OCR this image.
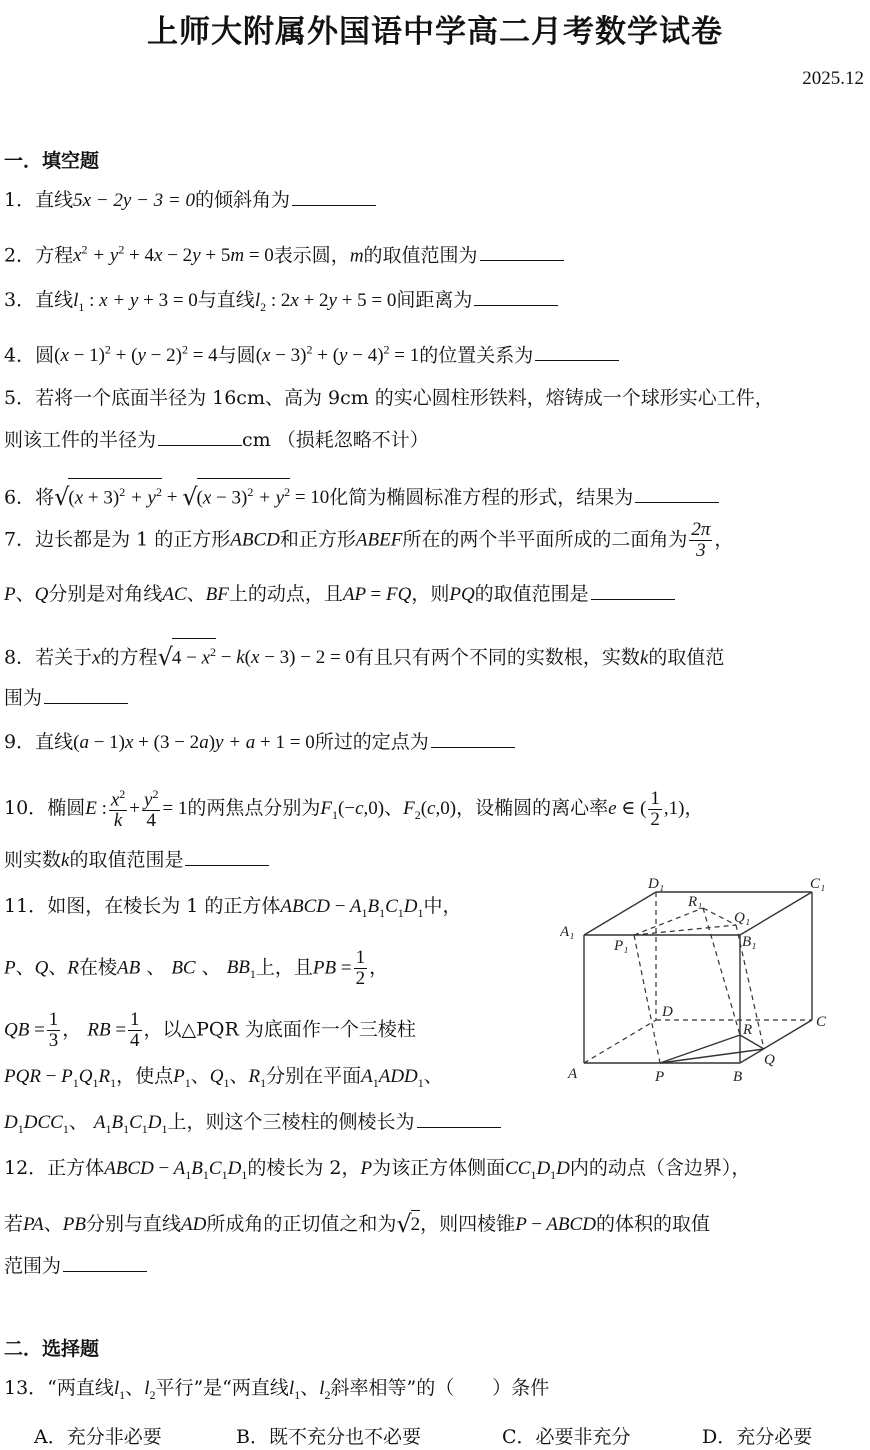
上师大附属外国语中学高二月考数学试卷
2025.12
一．填空题
1．直线5x − 2y − 3 = 0的倾斜角为
2．方程$x^2 + y^2 + 4x - 2y + 5m = 0$表示圆，m的取值范围为
3．直线$l_1$ : x + y + 3 = 0与直线$l_2$ : 2x + 2y + 5 = 0间距离为
4．圆$(x - 1)^2 + (y - 2)^2 = 4$与圆$(x - 3)^2 + (y - 4)^2 = 1$的位置关系为
5．若将一个底面半径为 16cm、高为 9cm 的实心圆柱形铁料，熔铸成一个球形实心工件，
则该工件的半径为	cm （损耗忽略不计）
6．将$√(x + 3)^2 + y^2 + √(x - 3)^2 + y^2 = 10$化简为椭圆标准方程的形式，结果为
7．边长都是为 1 的正方形ABCD和正方形ABEF所在的两个半平面所成的二面角为 $\frac{2\pi}{3}$ ，
P、Q分别是对角线AC、BF上的动点，且AP = FQ，则PQ的取值范围是
8．若关于x的方程$√4 - x^2 - k(x - 3) - 2 = 0$有且只有两个不同的实数根，实数k的取值范
围为
9．直线(a − 1)x + (3 − 2a)y + a + 1 = 0所过的定点为
10．椭圆E : $\frac{x^2}{k} + \frac{y^2}{4} = 1$的两焦点分别为$F_1(-c,0)$、$F_2(c,0)$，设椭圆的离心率e ∈ ( $\frac{1}{2} ,1$)，
则实数k的取值范围是
11．如图，在棱长为 1 的正方体ABCD − $A_1B_1C_1D_1$中，
P、Q、R在棱AB 、 BC 、 $BB_1$上，且PB = $\frac{1}{2}$ ，
QB = $\frac{1}{3}$ ， RB = $\frac{1}{4}$ ，以△PQR 为底面作一个三棱柱
PQR − $P_1Q_1R_1$，使点$P_1$、$Q_1$、$R_1$分别在平面$A_1ADD_1$、
$D_1DCC_1$、 $A_1B_1C_1D_1$上，则这个三棱柱的侧棱长为
D₁	C₁
A₁
B₁
R₁
Q₁
P₁
D
C
A	P	B
R
Q
12．正方体ABCD − $A_1B_1C_1D_1$的棱长为 2，P为该正方体侧面$CC_1D_1D$内的动点（含边界），
若PA、PB分别与直线AD所成角的正切值之和为√2，则四棱锥P − ABCD的体积的取值
范围为
二．选择题
13．“两直线$l_1$、$l_2$平行”是“两直线$l_1$、$l_2$斜率相等”的（　　）条件
A．充分非必要	B．既不充分也不必要	C．必要非充分	D．充分必要
